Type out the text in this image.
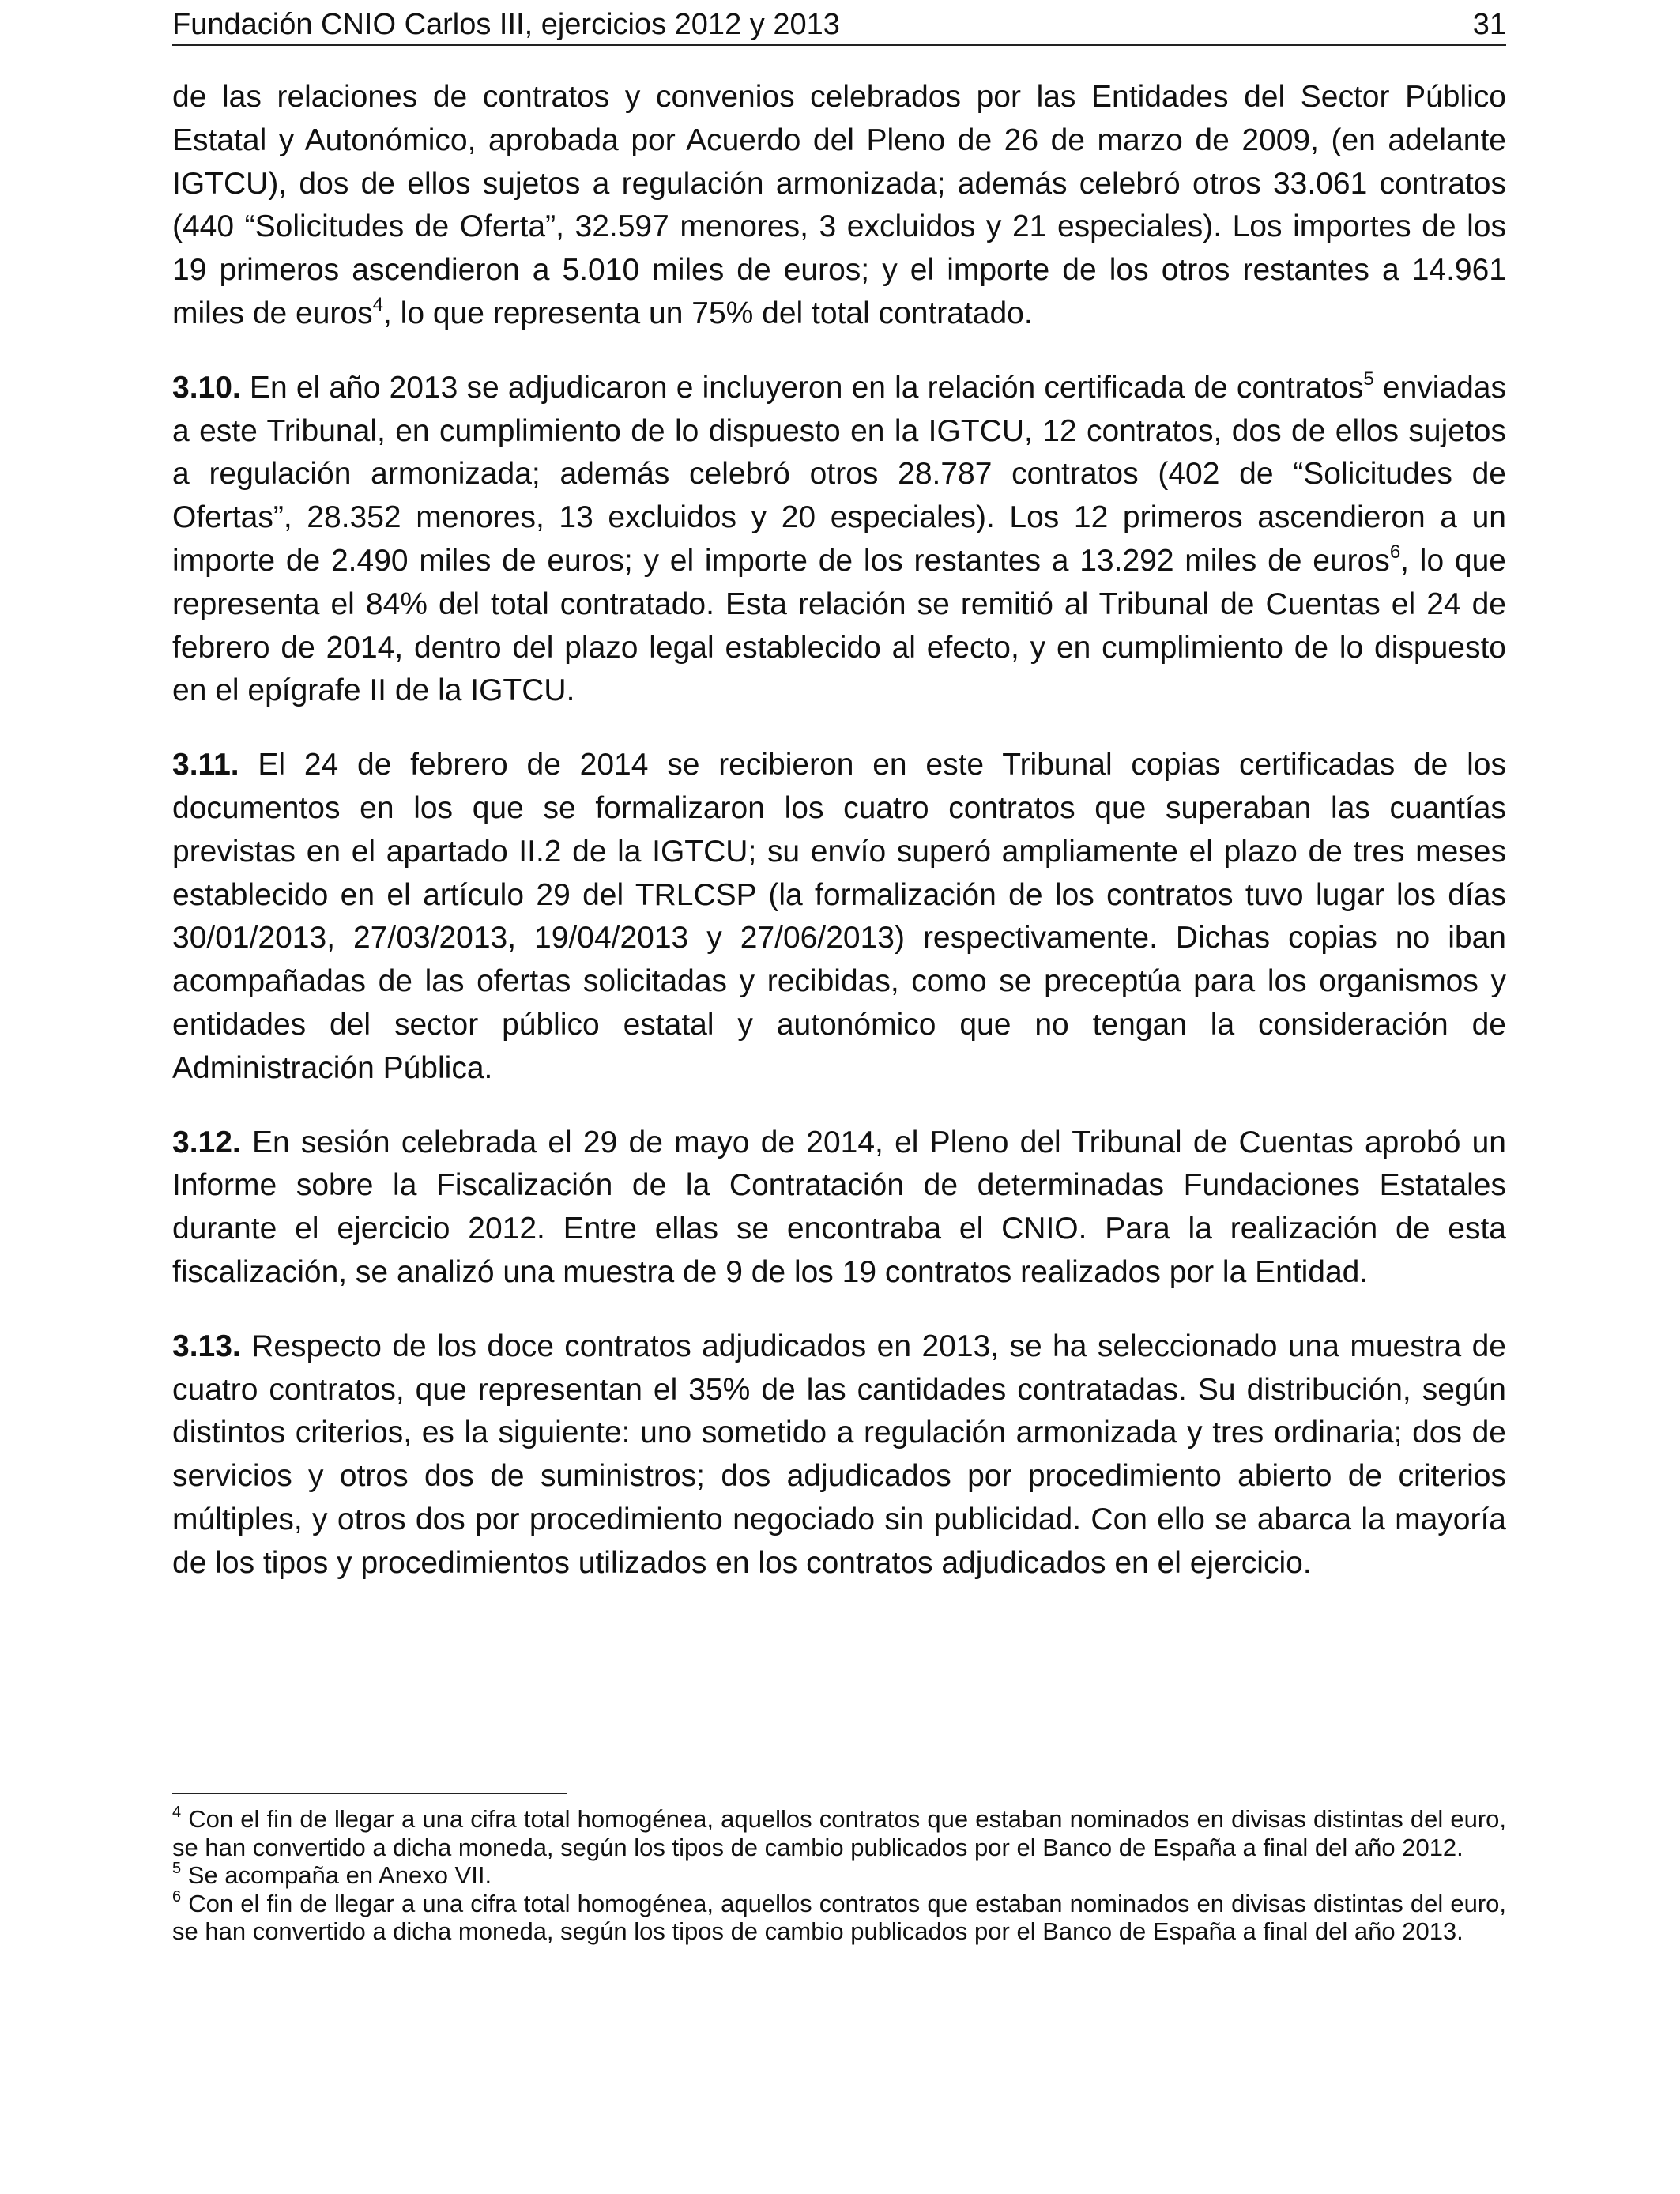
Fundación CNIO Carlos III, ejercicios 2012 y 2013	31

de las relaciones de contratos y convenios celebrados por las Entidades del Sector Público Estatal y Autonómico, aprobada por Acuerdo del Pleno de 26 de marzo de 2009, (en adelante IGTCU), dos de ellos sujetos a regulación armonizada; además celebró otros 33.061 contratos (440 “Solicitudes de Oferta”, 32.597 menores, 3 excluidos y 21 especiales). Los importes de los 19 primeros ascendieron a 5.010 miles de euros; y el importe de los otros restantes a 14.961 miles de euros$^4$, lo que representa un 75% del total contratado.

3.10. En el año 2013 se adjudicaron e incluyeron en la relación certificada de contratos$^5$ enviadas a este Tribunal, en cumplimiento de lo dispuesto en la IGTCU, 12 contratos, dos de ellos sujetos a regulación armonizada; además celebró otros 28.787 contratos (402 de “Solicitudes de Ofertas”, 28.352 menores, 13 excluidos y 20 especiales). Los 12 primeros ascendieron a un importe de 2.490 miles de euros; y el importe de los restantes a 13.292 miles de euros$^6$, lo que representa el 84% del total contratado. Esta relación se remitió al Tribunal de Cuentas el 24 de febrero de 2014, dentro del plazo legal establecido al efecto, y en cumplimiento de lo dispuesto en el epígrafe II de la IGTCU.

3.11. El 24 de febrero de 2014 se recibieron en este Tribunal copias certificadas de los documentos en los que se formalizaron los cuatro contratos que superaban las cuantías previstas en el apartado II.2 de la IGTCU; su envío superó ampliamente el plazo de tres meses establecido en el artículo 29 del TRLCSP (la formalización de los contratos tuvo lugar los días 30/01/2013, 27/03/2013, 19/04/2013 y 27/06/2013) respectivamente. Dichas copias no iban acompañadas de las ofertas solicitadas y recibidas, como se preceptúa para los organismos y entidades del sector público estatal y autonómico que no tengan la consideración de Administración Pública.

3.12. En sesión celebrada el 29 de mayo de 2014, el Pleno del Tribunal de Cuentas aprobó un Informe sobre la Fiscalización de la Contratación de determinadas Fundaciones Estatales durante el ejercicio 2012. Entre ellas se encontraba el CNIO. Para la realización de esta fiscalización, se analizó una muestra de 9 de los 19 contratos realizados por la Entidad.

3.13. Respecto de los doce contratos adjudicados en 2013, se ha seleccionado una muestra de cuatro contratos, que representan el 35% de las cantidades contratadas. Su distribución, según distintos criterios, es la siguiente: uno sometido a regulación armonizada y tres ordinaria; dos de servicios y otros dos de suministros; dos adjudicados por procedimiento abierto de criterios múltiples, y otros dos por procedimiento negociado sin publicidad. Con ello se abarca la mayoría de los tipos y procedimientos utilizados en los contratos adjudicados en el ejercicio.

$^4$ Con el fin de llegar a una cifra total homogénea, aquellos contratos que estaban nominados en divisas distintas del euro, se han convertido a dicha moneda, según los tipos de cambio publicados por el Banco de España a final del año 2012.

$^5$ Se acompaña en Anexo VII.

$^6$ Con el fin de llegar a una cifra total homogénea, aquellos contratos que estaban nominados en divisas distintas del euro, se han convertido a dicha moneda, según los tipos de cambio publicados por el Banco de España a final del año 2013.
